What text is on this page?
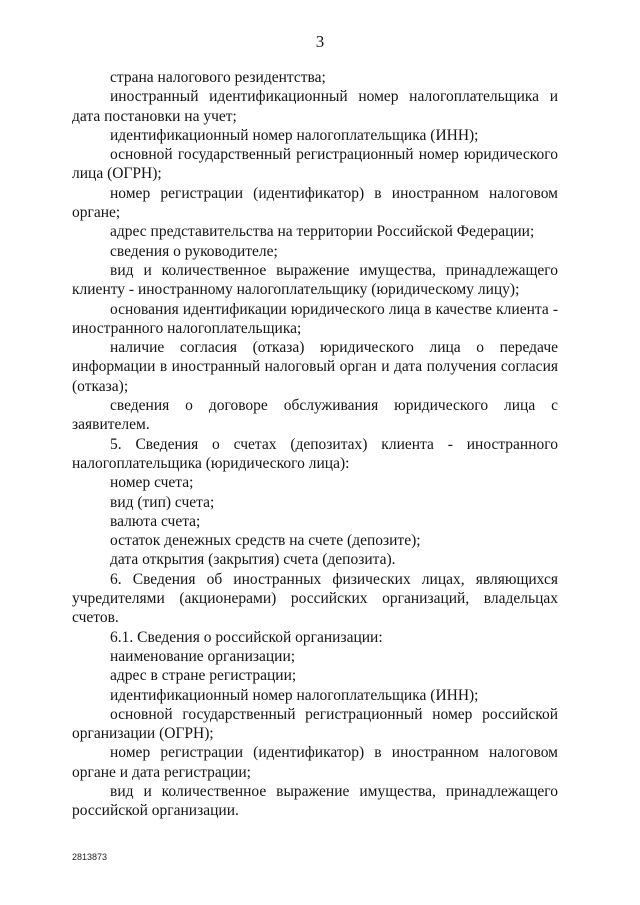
3

страна налогового резидентства;

иностранный идентификационный номер налогоплательщика и дата постановки на учет;

идентификационный номер налогоплательщика (ИНН);

основной государственный регистрационный номер юридического лица (ОГРН);

номер регистрации (идентификатор) в иностранном налоговом органе;

адрес представительства на территории Российской Федерации;

сведения о руководителе;

вид и количественное выражение имущества, принадлежащего клиенту - иностранному налогоплательщику (юридическому лицу);

основания идентификации юридического лица в качестве клиента - иностранного налогоплательщика;

наличие согласия (отказа) юридического лица о передаче информации в иностранный налоговый орган и дата получения согласия (отказа);

сведения о договоре обслуживания юридического лица с заявителем.

5. Сведения о счетах (депозитах) клиента - иностранного налогоплательщика (юридического лица):

номер счета;

вид (тип) счета;

валюта счета;

остаток денежных средств на счете (депозите);

дата открытия (закрытия) счета (депозита).

6. Сведения об иностранных физических лицах, являющихся учредителями (акционерами) российских организаций, владельцах счетов.

6.1. Сведения о российской организации:

наименование организации;

адрес в стране регистрации;

идентификационный номер налогоплательщика (ИНН);

основной государственный регистрационный номер российской организации (ОГРН);

номер регистрации (идентификатор) в иностранном налоговом органе и дата регистрации;

вид и количественное выражение имущества, принадлежащего российской организации.

2813873
